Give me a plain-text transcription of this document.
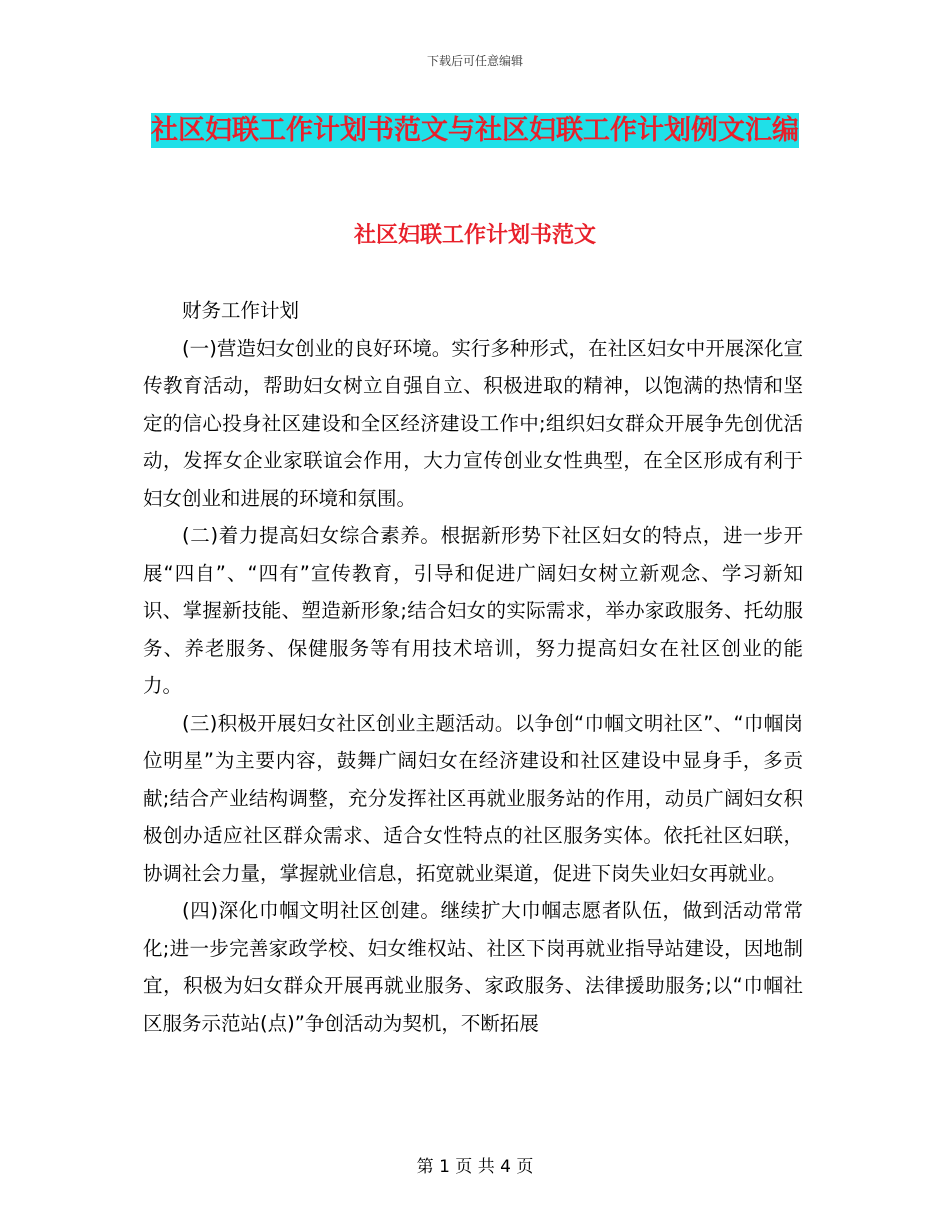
下载后可任意编辑
社区妇联工作计划书范文与社区妇联工作计划例文汇编
社区妇联工作计划书范文

财务工作计划

(一)营造妇女创业的良好环境。实行多种形式，在社区妇女中开展深化宣传教育活动，帮助妇女树立自强自立、积极进取的精神，以饱满的热情和坚定的信心投身社区建设和全区经济建设工作中;组织妇女群众开展争先创优活动，发挥女企业家联谊会作用，大力宣传创业女性典型，在全区形成有利于妇女创业和进展的环境和氛围。

(二)着力提高妇女综合素养。根据新形势下社区妇女的特点，进一步开展“四自”、“四有”宣传教育，引导和促进广阔妇女树立新观念、学习新知识、掌握新技能、塑造新形象;结合妇女的实际需求，举办家政服务、托幼服务、养老服务、保健服务等有用技术培训，努力提高妇女在社区创业的能力。

(三)积极开展妇女社区创业主题活动。以争创“巾帼文明社区”、“巾帼岗位明星”为主要内容，鼓舞广阔妇女在经济建设和社区建设中显身手，多贡献;结合产业结构调整，充分发挥社区再就业服务站的作用，动员广阔妇女积极创办适应社区群众需求、适合女性特点的社区服务实体。依托社区妇联，协调社会力量，掌握就业信息，拓宽就业渠道，促进下岗失业妇女再就业。

(四)深化巾帼文明社区创建。继续扩大巾帼志愿者队伍，做到活动常常化;进一步完善家政学校、妇女维权站、社区下岗再就业指导站建设，因地制宜，积极为妇女群众开展再就业服务、家政服务、法律援助服务;以“巾帼社区服务示范站(点)”争创活动为契机，不断拓展

第 1 页 共 4 页
